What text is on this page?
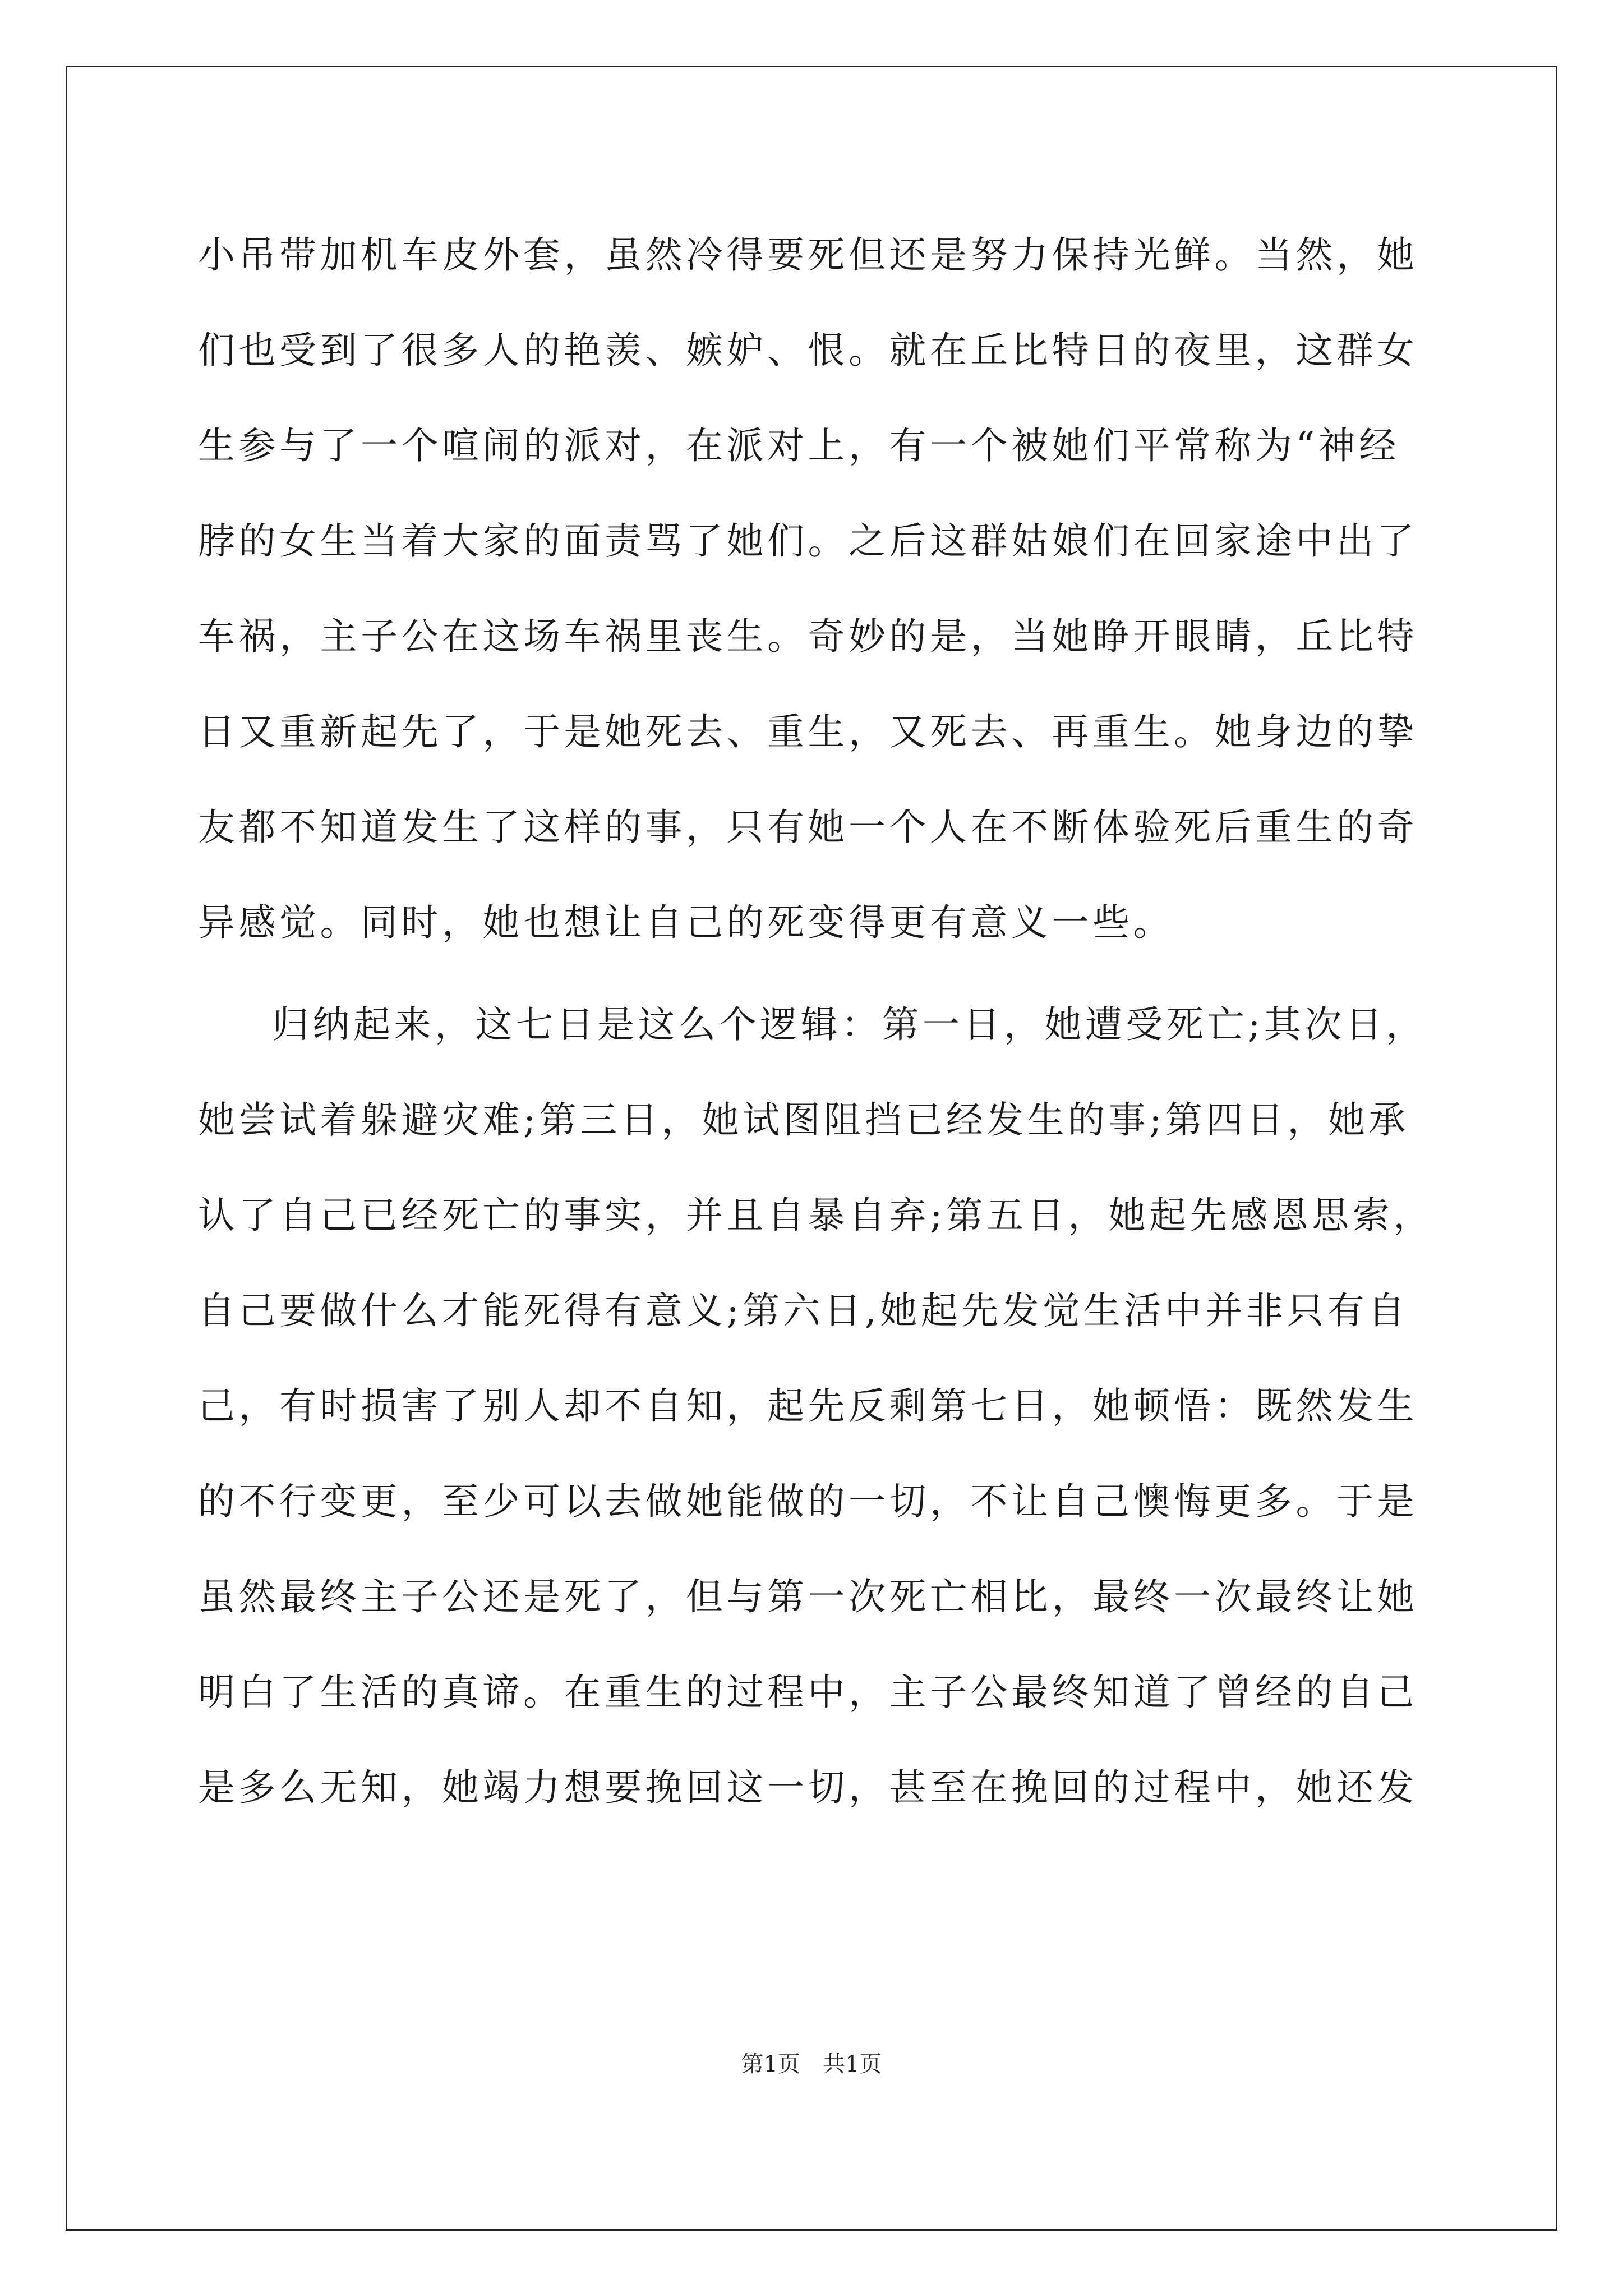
小吊带加机车皮外套，虽然冷得要死但还是努力保持光鲜。当然，她
们也受到了很多人的艳羡、嫉妒、恨。就在丘比特日的夜里，这群女
生参与了一个喧闹的派对，在派对上，有一个被她们平常称为“神经
脖的女生当着大家的面责骂了她们。之后这群姑娘们在回家途中出了
车祸，主子公在这场车祸里丧生。奇妙的是，当她睁开眼睛，丘比特
日又重新起先了，于是她死去、重生，又死去、再重生。她身边的挚
友都不知道发生了这样的事，只有她一个人在不断体验死后重生的奇
异感觉。同时，她也想让自己的死变得更有意义一些。
归纳起来，这七日是这么个逻辑：第一日，她遭受死亡;其次日，
她尝试着躲避灾难;第三日，她试图阻挡已经发生的事;第四日，她承
认了自己已经死亡的事实，并且自暴自弃;第五日，她起先感恩思索，
自己要做什么才能死得有意义;第六日,她起先发觉生活中并非只有自
己，有时损害了别人却不自知，起先反剩第七日，她顿悟：既然发生
的不行变更，至少可以去做她能做的一切，不让自己懊悔更多。于是
虽然最终主子公还是死了，但与第一次死亡相比，最终一次最终让她
明白了生活的真谛。在重生的过程中，主子公最终知道了曾经的自己
是多么无知，她竭力想要挽回这一切，甚至在挽回的过程中，她还发
第1页　共1页
